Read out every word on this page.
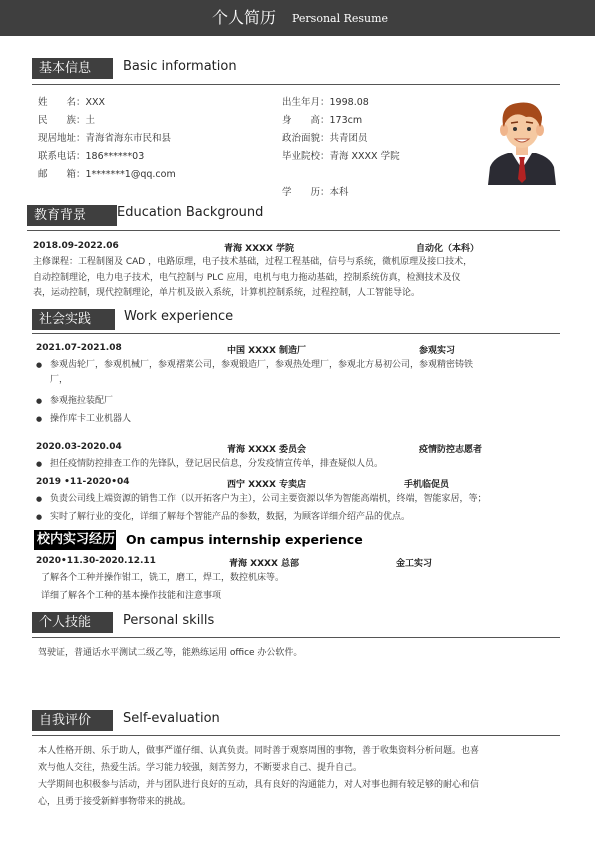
个人简历 Personal Resume
基本信息	Basic information
姓　　名：XXX
民　　族：土
现居地址：青海省海东市民和县
联系电话：186******03
邮　　箱：1*******1@qq.com
出生年月：1998.08
身　　高：173cm
政治面貌：共青团员
毕业院校：青海 XXXX 学院
学　　历：本科
教育背景	Education Background
2018.09-2022.06	青海 XXXX 学院	自动化（本科）
主修课程：工程制图及 CAD ，电路原理，电子技术基础，过程工程基础，信号与系统，微机原理及接口技术，
自动控制理论，电力电子技术，电气控制与 PLC 应用，电机与电力拖动基础，控制系统仿真，检测技术及仪
表，运动控制，现代控制理论，单片机及嵌入系统，计算机控制系统，过程控制，人工智能导论。
社会实践	Work experience
2021.07-2021.08	中国 XXXX 制造厂	参观实习
● 参观齿轮厂，参观机械厂，参观褶菜公司，参观锻造厂，参观热处理厂，参观北方易初公司，参观精密铸铁
厂，
● 参观拖拉装配厂
● 操作库卡工业机器人
2020.03-2020.04	青海 XXXX 委员会	疫情防控志愿者
● 担任疫情防控排查工作的先锋队，登记居民信息，分发疫情宣传单，排查疑似人员。
2019 •11-2020•04	西宁 XXXX 专卖店	手机临促员
● 负责公司线上端资源的销售工作（以开拓客户为主），公司主要资源以华为智能高端机，终端，智能家居，等；
● 实时了解行业的变化，详细了解每个智能产品的参数，数据，为顾客详细介绍产品的优点。
校内实习经历 On campus internship experience
2020•11.30-2020.12.11	青海 XXXX 总部	金工实习
了解各个工种并操作钳工，铣工，磨工，焊工，数控机床等。
详细了解各个工种的基本操作技能和注意事项
个人技能	Personal skills
驾驶证，普通话水平测试二级乙等，能熟练运用 office 办公软件。
自我评价	Self-evaluation
本人性格开朗、乐于助人，做事严谨仔细、认真负责。同时善于观察周围的事物，善于收集资料分析问题。也喜
欢与他人交往，热爱生活。学习能力较强，刻苦努力，不断要求自己、提升自己。
大学期间也积极参与活动，并与团队进行良好的互动，具有良好的沟通能力，对人对事也拥有较足够的耐心和信
心，且勇于接受新鲜事物带来的挑战。
